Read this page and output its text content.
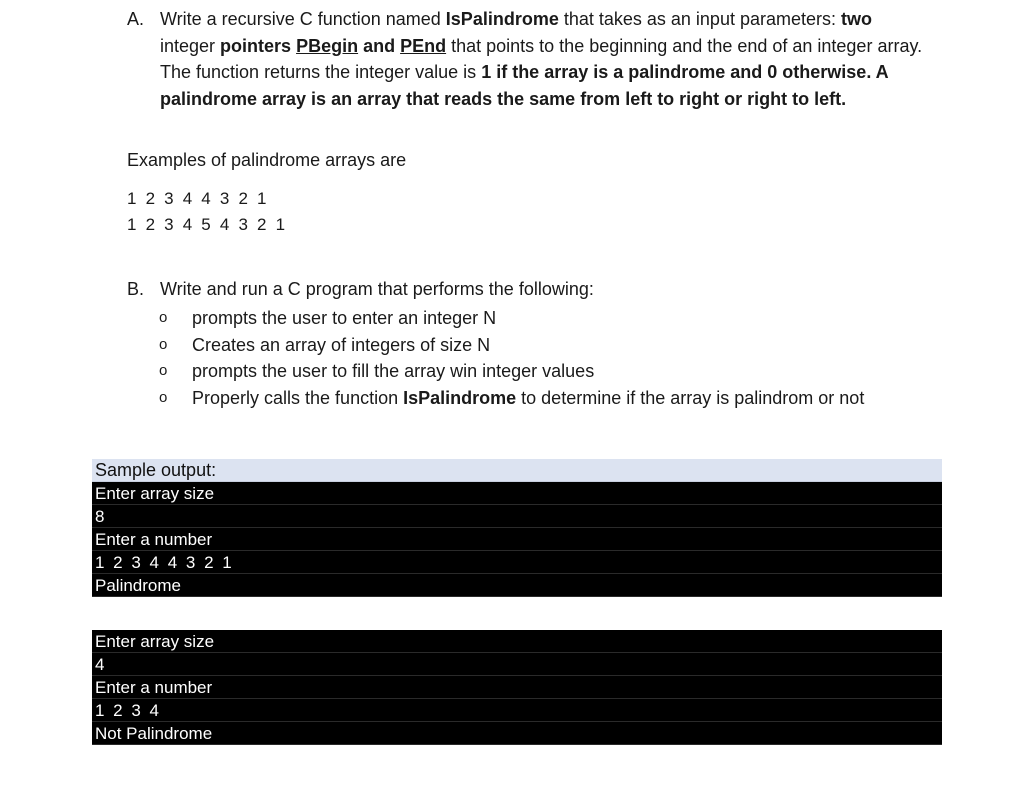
A. Write a recursive C function named IsPalindrome that takes as an input parameters: two
integer pointers PBegin and PEnd that points to the beginning and the end of an integer array. The function returns the integer value is 1 if the array is a palindrome and 0 otherwise. A palindrome array is an array that reads the same from left to right or right to left.
Examples of palindrome arrays are
1 2 3 4 4 3 2 1
1 2 3 4 5 4 3 2 1
B. Write and run a C program that performs the following:
o prompts the user to enter an integer N
o Creates an array of integers of size N
o prompts the user to fill the array win integer values
o Properly calls the function IsPalindrome to determine if the array is palindrom or not
Sample output:
Enter array size
8
Enter a number
1 2 3 4 4 3 2 1
Palindrome
Enter array size
4
Enter a number
1 2 3 4
Not Palindrome
